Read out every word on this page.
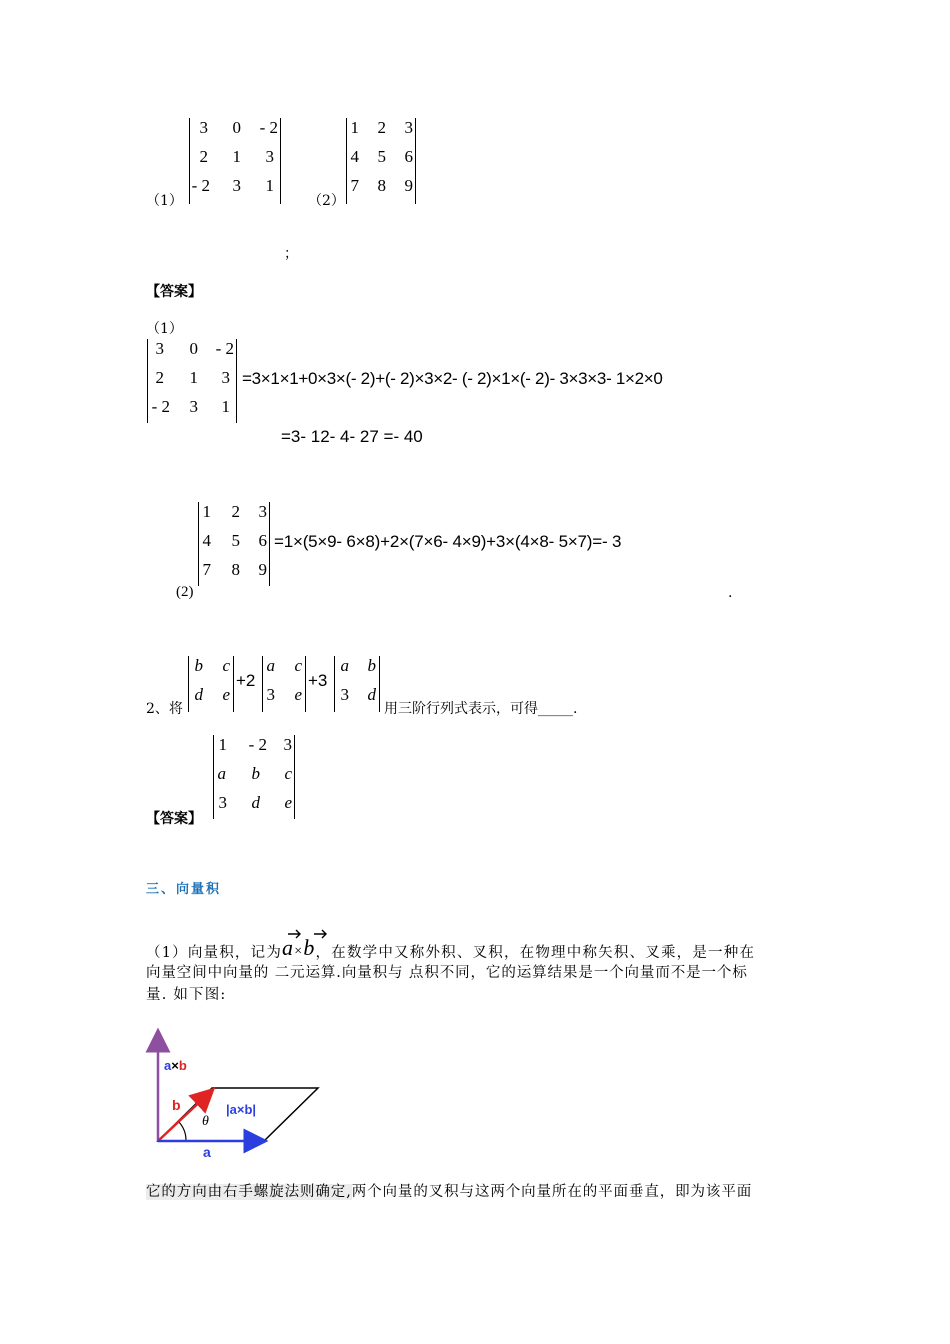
（1）
3 0 - 2
2 1 3
- 2 3 1
（2）
1 2 3
4 5 6
7 8 9
；
【答案】
（1）
3 0 - 2
2 1 3
- 2 3 1
=3×1×1+0×3×(- 2)+(- 2)×3×2- (- 2)×1×(- 2)- 3×3×3- 1×2×0
=3- 12- 4- 27 =- 40
1 2 3
4 5 6
7 8 9
=1×(5×9- 6×8)+2×(7×6- 4×9)+3×(4×8- 5×7)=- 3
(2)	.
2、将
b c
d e
+2
a c
3 e
+3
a b
3 d
用三阶行列式表示，可得_____.
1 - 2 3
a b c
3 d e
【答案】
三、向量积
（1）向量积，记为a×b，在数学中又称外积、叉积，在物理中称矢积、叉乘，是一种在
向量空间中向量的 二元运算.向量积与 点积不同，它的运算结果是一个向量而不是一个标
量. 如下图:
a×b
b
θ
|a×b|
a
它的方向由右手螺旋法则确定,两个向量的叉积与这两个向量所在的平面垂直，即为该平面
